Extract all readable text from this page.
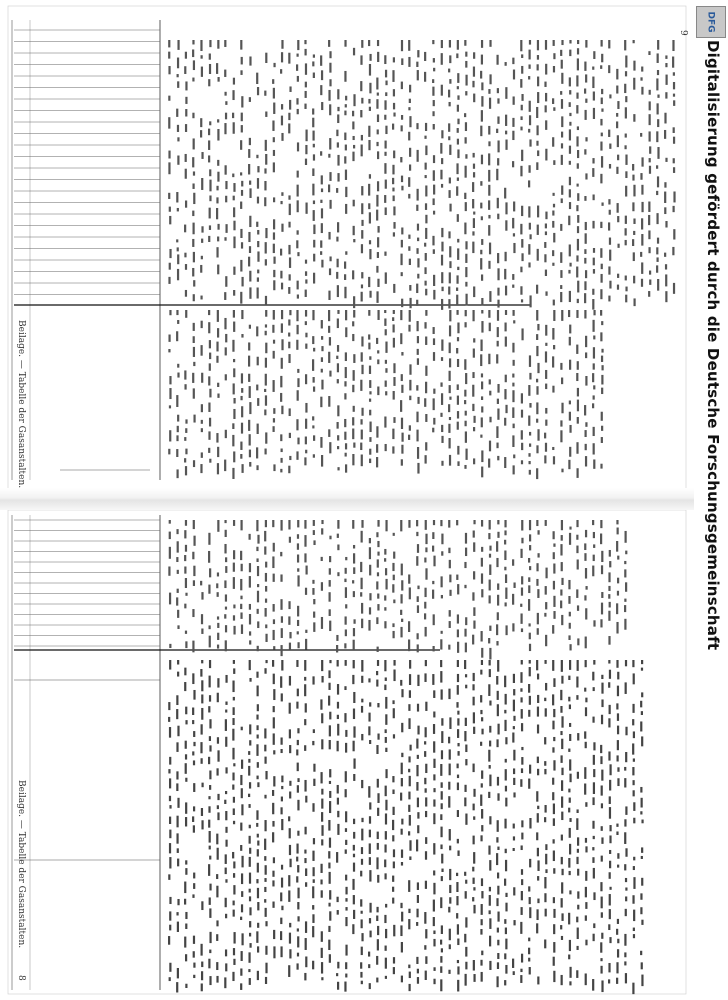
9
Beilage. — Tabelle der Gasanstalten.
Beilage. — Tabelle der Gasanstalten.
8
DFG
Digitalisierung gefördert durch die Deutsche Forschungsgemeinschaft
